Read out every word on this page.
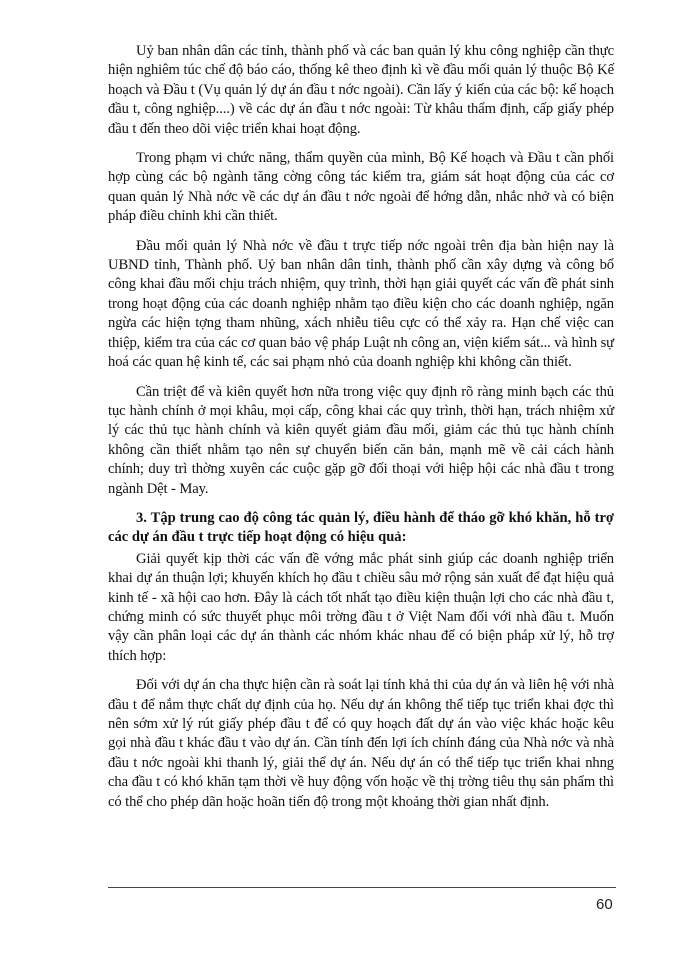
Uỷ ban nhân dân các tỉnh, thành phố và các ban quản lý khu công nghiệp cần thực hiện nghiêm túc chế độ báo cáo, thống kê theo định kì về đầu mối quản lý thuộc Bộ Kế hoạch và Đầu t (Vụ quản lý dự án đầu t nớc ngoài). Cần lấy ý kiến của các bộ: kế hoạch đầu t, công nghiệp....) về các dự án đầu t nớc ngoài: Từ khâu thẩm định, cấp giấy phép đầu t đến theo dõi việc triển khai hoạt động.

Trong phạm vi chức năng, thẩm quyền của mình, Bộ Kế hoạch và Đầu t cần phối hợp cùng các bộ ngành tăng cờng công tác kiểm tra, giám sát hoạt động của các cơ quan quản lý Nhà nớc về các dự án đầu t nớc ngoài để hớng dẫn, nhắc nhở và có biện pháp điều chỉnh khi cần thiết.

Đầu mối quản lý Nhà nớc về đầu t trực tiếp nớc ngoài trên địa bàn hiện nay là UBND tỉnh, Thành phố. Uỷ ban nhân dân tỉnh, thành phố cần xây dựng và công bố công khai đầu mối chịu trách nhiệm, quy trình, thời hạn giải quyết các vấn đề phát sinh trong hoạt động của các doanh nghiệp nhằm tạo điều kiện cho các doanh nghiệp, ngăn ngừa các hiện tợng tham nhũng, xách nhiễu tiêu cực có thể xảy ra. Hạn chế việc can thiệp, kiểm tra của các cơ quan bảo vệ pháp Luật nh công an, viện kiểm sát... và hình sự hoá các quan hệ kinh tế, các sai phạm nhỏ của doanh nghiệp khi không cần thiết.

Cần triệt để và kiên quyết hơn nữa trong việc quy định rõ ràng minh bạch các thủ tục hành chính ở mọi khâu, mọi cấp, công khai các quy trình, thời hạn, trách nhiệm xử lý các thủ tục hành chính và kiên quyết giảm đầu mối, giảm các thủ tục hành chính không cần thiết nhằm tạo nên sự chuyển biến căn bản, mạnh mẽ về cải cách hành chính; duy trì thờng xuyên các cuộc gặp gỡ đối thoại với hiệp hội các nhà đầu t trong ngành Dệt - May.

3. Tập trung cao độ công tác quản lý, điều hành để tháo gỡ khó khăn, hỗ trợ các dự án đầu t trực tiếp hoạt động có hiệu quả:

Giải quyết kịp thời các vấn đề vớng mắc phát sinh giúp các doanh nghiệp triển khai dự án thuận lợi; khuyến khích họ đầu t chiều sâu mở rộng sản xuất để đạt hiệu quả kinh tế - xã hội cao hơn. Đây là cách tốt nhất tạo điều kiện thuận lợi cho các nhà đầu t, chứng minh có sức thuyết phục môi trờng đầu t ở Việt Nam đối với nhà đầu t. Muốn vậy cần phân loại các dự án thành các nhóm khác nhau để có biện pháp xử lý, hỗ trợ thích hợp:

Đối với dự án cha thực hiện cần rà soát lại tính khả thi của dự án và liên hệ với nhà đầu t để nắm thực chất dự định của họ. Nếu dự án không thể tiếp tục triển khai đợc thì nên sớm xử lý rút giấy phép đầu t để có quy hoạch đất dự án vào việc khác hoặc kêu gọi nhà đầu t khác đầu t vào dự án. Cần tính đến lợi ích chính đáng của Nhà nớc và nhà đầu t nớc ngoài khi thanh lý, giải thể dự án. Nếu dự án có thể tiếp tục triển khai nhng cha đầu t có khó khăn tạm thời về huy động vốn hoặc về thị trờng tiêu thụ sản phẩm thì có thể cho phép dãn hoặc hoãn tiến độ trong một khoảng thời gian nhất định.

60
